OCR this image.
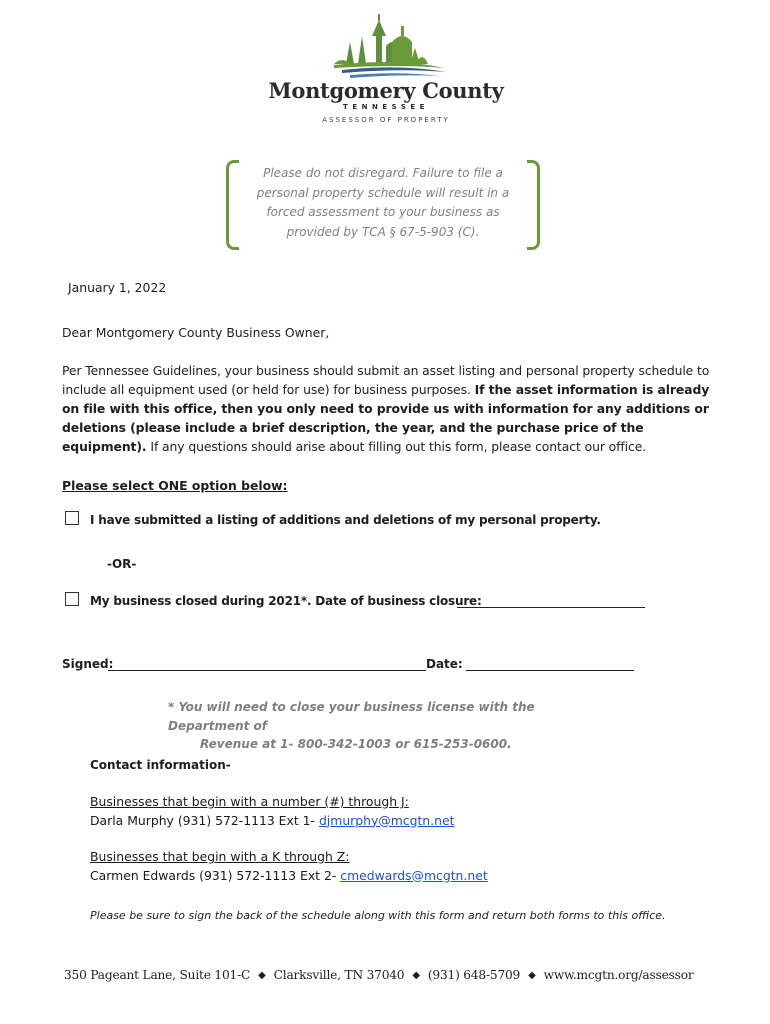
Montgomery County
TENNESSEE
ASSESSOR OF PROPERTY
Please do not disregard. Failure to file a personal property schedule will result in a forced assessment to your business as provided by TCA § 67-5-903 (C).
January 1, 2022
Dear Montgomery County Business Owner,
Per Tennessee Guidelines, your business should submit an asset listing and personal property schedule to include all equipment used (or held for use) for business purposes. If the asset information is already on file with this office, then you only need to provide us with information for any additions or deletions (please include a brief description, the year, and the purchase price of the equipment). If any questions should arise about filling out this form, please contact our office.
Please select ONE option below:
I have submitted a listing of additions and deletions of my personal property.
-OR-
My business closed during 2021*. Date of business closure:
Signed:	Date:
* You will need to close your business license with the Department of
Revenue at 1- 800-342-1003 or 615-253-0600.
Contact information-
Businesses that begin with a number (#) through J:
Darla Murphy (931) 572-1113 Ext 1- djmurphy@mcgtn.net
Businesses that begin with a K through Z:
Carmen Edwards (931) 572-1113 Ext 2- cmedwards@mcgtn.net
Please be sure to sign the back of the schedule along with this form and return both forms to this office.
350 Pageant Lane, Suite 101-C ◆ Clarksville, TN 37040 ◆ (931) 648-5709 ◆ www.mcgtn.org/assessor
